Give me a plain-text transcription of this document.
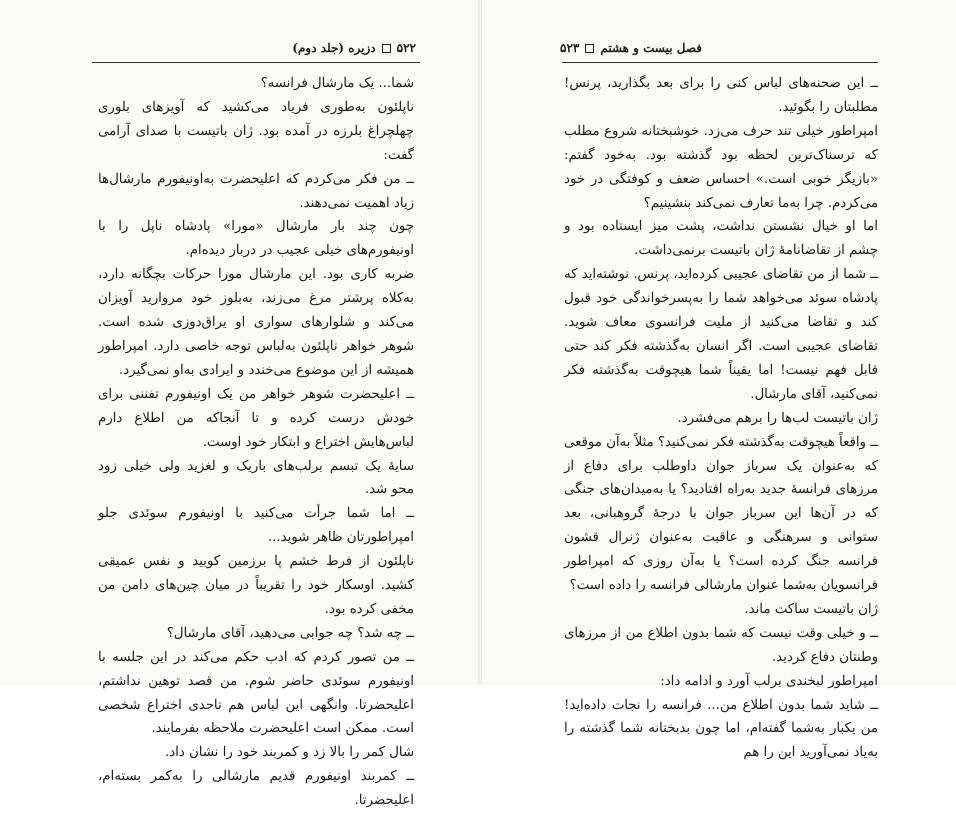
۵۲۲
دزیره (جلد دوم)

شما... یک مارشال فرانسه؟

ناپلئون به‌طوری فریاد می‌کشید که آویزهای بلوری چهلچراغ بلرزه در آمده بود. ژان باتیست با صدای آرامی گفت:

ــ من فکر می‌کردم که اعلیحضرت به‌اونیفورم مارشال‌ها زیاد اهمیت نمی‌دهند.

چون چند بار مارشال «مورا» پادشاه ناپل را با اونیفورم‌های خیلی عجیب در دربار دیده‌ام.

ضربه کاری بود. این مارشال مورا حرکات بچگانه دارد، به‌کلاه پرشتر مرغ می‌زند، به‌بلوز خود مروارید آویزان می‌کند و شلوارهای سواری او یراق‌دوزی شده است. شوهر خواهر ناپلئون به‌لباس توجه خاصی دارد. امپراطور همیشه از این موضوع می‌خندد و ایرادی به‌او نمی‌گیرد.

ــ اعلیحضرت شوهر خواهر من یک اونیفورم تفننی برای خودش درست کرده و تا آنجاکه من اطلاع دارم لباس‌هایش اختراع و ابتکار خود اوست.

سایهٔ یک تبسم برلب‌های باریک و لغزید ولی خیلی زود محو شد.

ــ اما شما جرأت می‌کنید با اونیفورم سوئدی جلو امپراطورتان ظاهر شوید...

ناپلئون از فرط خشم پا برزمین کوبید و نفس عمیقی کشید. اوسکار خود را تقریباً در میان چین‌های دامن من مخفی کرده بود.

ــ چه شد؟ چه جوابی می‌دهید، آقای مارشال؟

ــ من تصور کردم که ادب حکم می‌کند در این جلسه با اونیفورم سوئدی حاضر شوم. من قصد توهین نداشتم، اعلیحضرتا. وانگهی این لباس هم تاحدی اختراع شخصی است. ممکن است اعلیحضرت ملاحظه بفرمایند.

شال کمر را بالا زد و کمربند خود را نشان داد.

ــ کمربند اونیفورم قدیم مارشالی را به‌کمر بسته‌ام، اعلیحضرتا.

فصل بیست و هشتم
۵۲۳

ــ این صحنه‌های لباس کنی را برای بعد بگذارید، پرنس! مطلبتان را بگوئید.

امپراطور خیلی تند حرف می‌زد. خوشبختانه شروع مطلب که ترسناک‌ترین لحظه بود گذشته بود. به‌خود گفتم: «بازیگر خوبی است.» احساس ضعف و کوفتگی در خود می‌کردم. چرا به‌ما تعارف نمی‌کند بنشینیم؟

اما او خیال نشستن نداشت، پشت میز ایستاده بود و چشم از تقاضانامهٔ ژان باتیست برنمی‌داشت.

ــ شما از من تقاضای عجیبی کرده‌اید، پرنس. نوشته‌اید که پادشاه سوئد می‌خواهد شما را به‌پسرخواندگی خود قبول کند و تقاضا می‌کنید از ملیت فرانسوی معاف شوید. تقاضای عجیبی است. اگر انسان به‌گذشته فکر کند حتی قابل فهم نیست! اما یقیناً شما هیچوقت به‌گذشته فکر نمی‌کنید، آقای مارشال.

ژان باتیست لب‌ها را برهم می‌فشرد.

ــ واقعاً هیچوقت به‌گذشته فکر نمی‌کنید؟ مثلاً به‌آن موقعی که به‌عنوان یک سرباز جوان داوطلب برای دفاع از مرزهای فرانسهٔ جدید به‌راه افتادید؟ یا به‌میدان‌های جنگی که در آن‌ها این سرباز جوان با درجهٔ گروهبانی، بعد ستوانی و سرهنگی و عاقبت به‌عنوان ژنرال قشون فرانسه جنگ کرده است؟ یا به‌آن روزی که امپراطور فرانسویان به‌شما عنوان مارشالی فرانسه را داده است؟

ژان باتیست ساکت ماند.

ــ و خیلی وقت نیست که شما بدون اطلاع من از مرزهای وطنتان دفاع کردید.

امپراطور لبخندی برلب آورد و ادامه داد:

ــ شاید شما بدون اطلاع من... فرانسه را نجات داده‌اید! من یکبار به‌شما گفته‌ام، اما چون بدبختانه شما گذشته را به‌یاد نمی‌آورید این را هم
